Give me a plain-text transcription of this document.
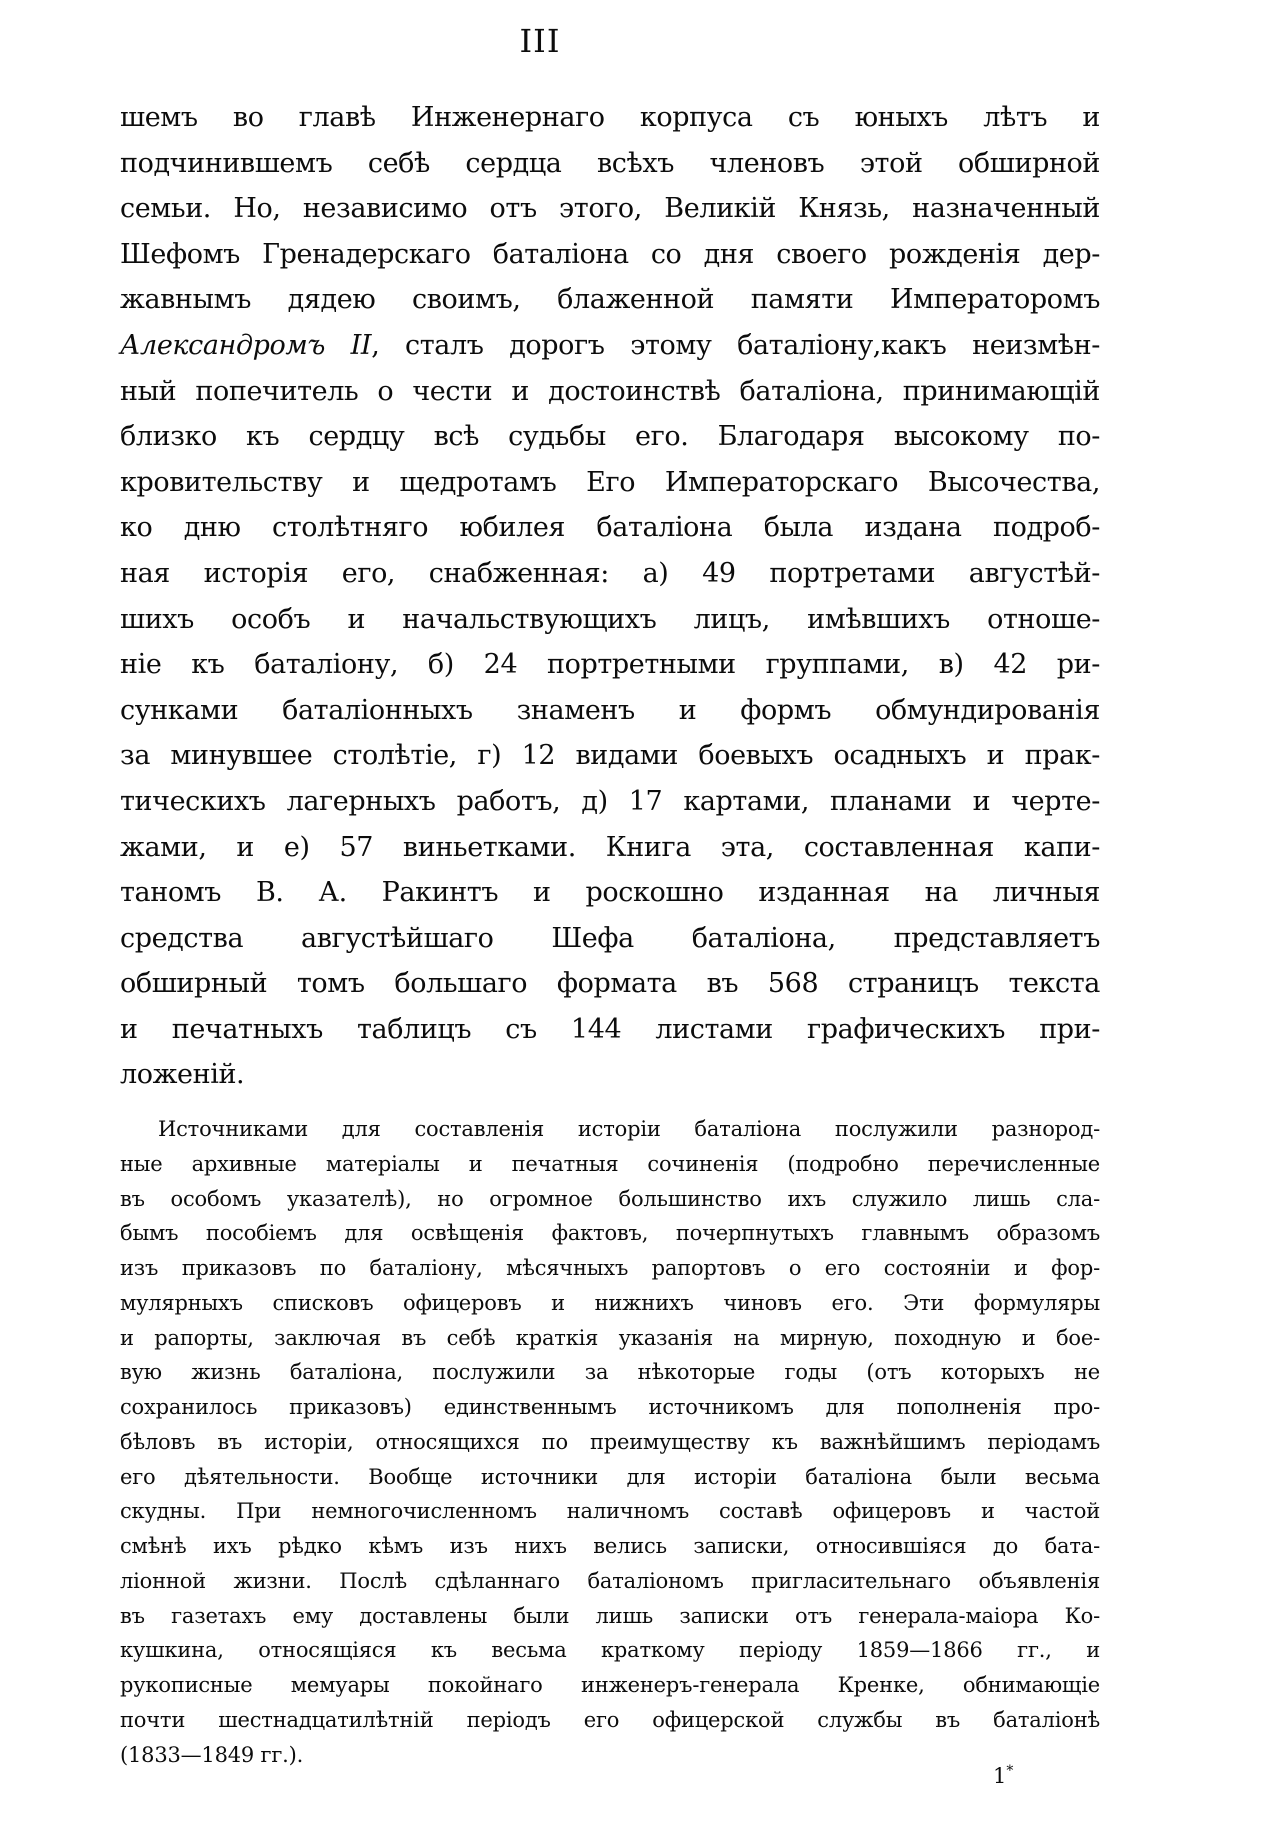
III
шемъ во главѣ Инженернаго корпуса съ юныхъ лѣтъ и
подчинившемъ себѣ сердца всѣхъ членовъ этой обширной
семьи. Но, независимо отъ этого, Великій Князь, назначенный
Шефомъ Гренадерскаго баталіона со дня своего рожденія дер-
жавнымъ дядею своимъ, блаженной памяти Императоромъ
Александромъ II, сталъ дорогъ этому баталіону,какъ неизмѣн-
ный попечитель о чести и достоинствѣ баталіона, принимающій
близко къ сердцу всѣ судьбы его. Благодаря высокому по-
кровительству и щедротамъ Его Императорскаго Высочества,
ко дню столѣтняго юбилея баталіона была издана подроб-
ная исторія его, снабженная: а) 49 портретами августѣй-
шихъ особъ и начальствующихъ лицъ, имѣвшихъ отноше-
ніе къ баталіону, б) 24 портретными группами, в) 42 ри-
сунками баталіонныхъ знаменъ и формъ обмундированія
за минувшее столѣтіе, г) 12 видами боевыхъ осадныхъ и прак-
тическихъ лагерныхъ работъ, д) 17 картами, планами и черте-
жами, и е) 57 виньетками. Книга эта, составленная капи-
таномъ В. А. Ракинтъ и роскошно изданная на личныя
средства августѣйшаго Шефа баталіона, представляетъ
обширный томъ большаго формата въ 568 страницъ текста
и печатныхъ таблицъ съ 144 листами графическихъ при-
ложеній.
Источниками для составленія исторіи баталіона послужили разнород-
ные архивные матеріалы и печатныя сочиненія (подробно перечисленные
въ особомъ указателѣ), но огромное большинство ихъ служило лишь сла-
бымъ пособіемъ для освѣщенія фактовъ, почерпнутыхъ главнымъ образомъ
изъ приказовъ по баталіону, мѣсячныхъ рапортовъ о его состояніи и фор-
мулярныхъ списковъ офицеровъ и нижнихъ чиновъ его. Эти формуляры
и рапорты, заключая въ себѣ краткія указанія на мирную, походную и бое-
вую жизнь баталіона, послужили за нѣкоторые годы (отъ которыхъ не
сохранилось приказовъ) единственнымъ источникомъ для пополненія про-
бѣловъ въ исторіи, относящихся по преимуществу къ важнѣйшимъ періодамъ
его дѣятельности. Вообще источники для исторіи баталіона были весьма
скудны. При немногочисленномъ наличномъ составѣ офицеровъ и частой
смѣнѣ ихъ рѣдко кѣмъ изъ нихъ велись записки, относившіяся до бата-
ліонной жизни. Послѣ сдѣланнаго баталіономъ пригласительнаго объявленія
въ газетахъ ему доставлены были лишь записки отъ генерала-маіора Ко-
кушкина, относящіяся къ весьма краткому періоду 1859—1866 гг., и
рукописные мемуары покойнаго инженеръ-генерала Кренке, обнимающіе
почти шестнадцатилѣтній періодъ его офицерской службы въ баталіонѣ
(1833—1849 гг.).
1*
